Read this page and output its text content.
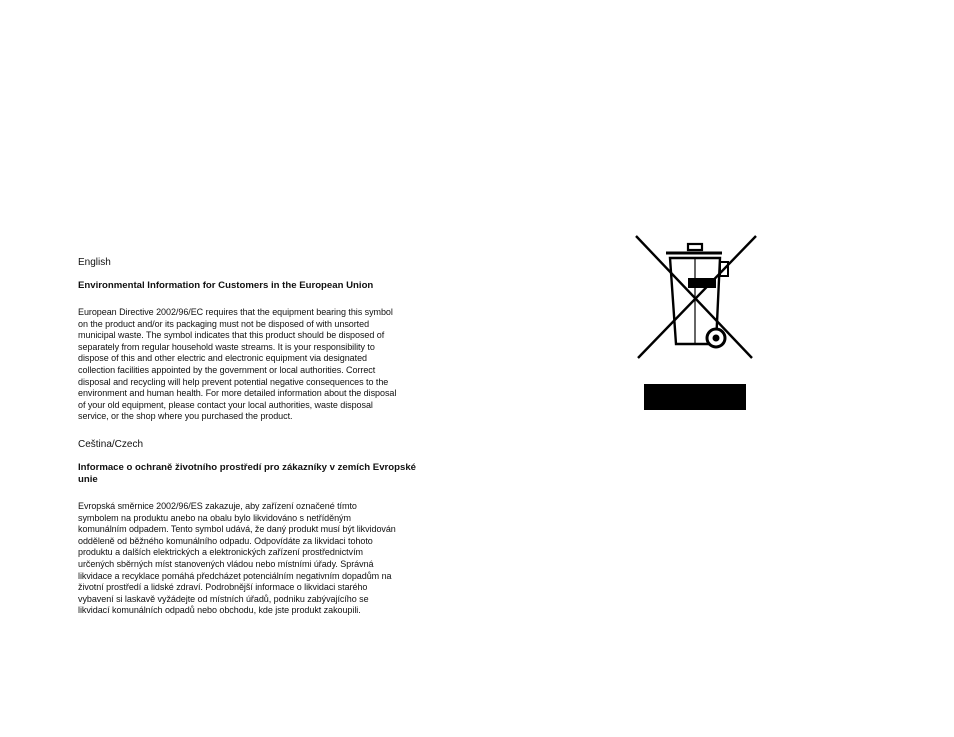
English
Environmental Information for Customers in the European Union
European Directive 2002/96/EC requires that the equipment bearing this symbol
on the product and/or its packaging must not be disposed of with unsorted
municipal waste. The symbol indicates that this product should be disposed of
separately from regular household waste streams. It is your responsibility to
dispose of this and other electric and electronic equipment via designated
collection facilities appointed by the government or local authorities. Correct
disposal and recycling will help prevent potential negative consequences to the
environment and human health. For more detailed information about the disposal
of your old equipment, please contact your local authorities, waste disposal
service, or the shop where you purchased the product.
Ceština/Czech
Informace o ochraně životního prostředí pro zákazníky v zemích Evropské
unie
Evropská směrnice 2002/96/ES zakazuje, aby zařízení označené tímto
symbolem na produktu anebo na obalu bylo likvidováno s netříděným
komunálním odpadem. Tento symbol udává, že daný produkt musí být likvidován
odděleně od běžného komunálního odpadu. Odpovídáte za likvidaci tohoto
produktu a dalších elektrických a elektronických zařízení prostřednictvím
určených sběrných míst stanovených vládou nebo místními úřady. Správná
likvidace a recyklace pomáhá předcházet potenciálním negativním dopadům na
životní prostředí a lidské zdraví. Podrobnější informace o likvidaci starého
vybavení si laskavě vyžádejte od místních úřadů, podniku zabývajícího se
likvidací komunálních odpadů nebo obchodu, kde jste produkt zakoupili.
